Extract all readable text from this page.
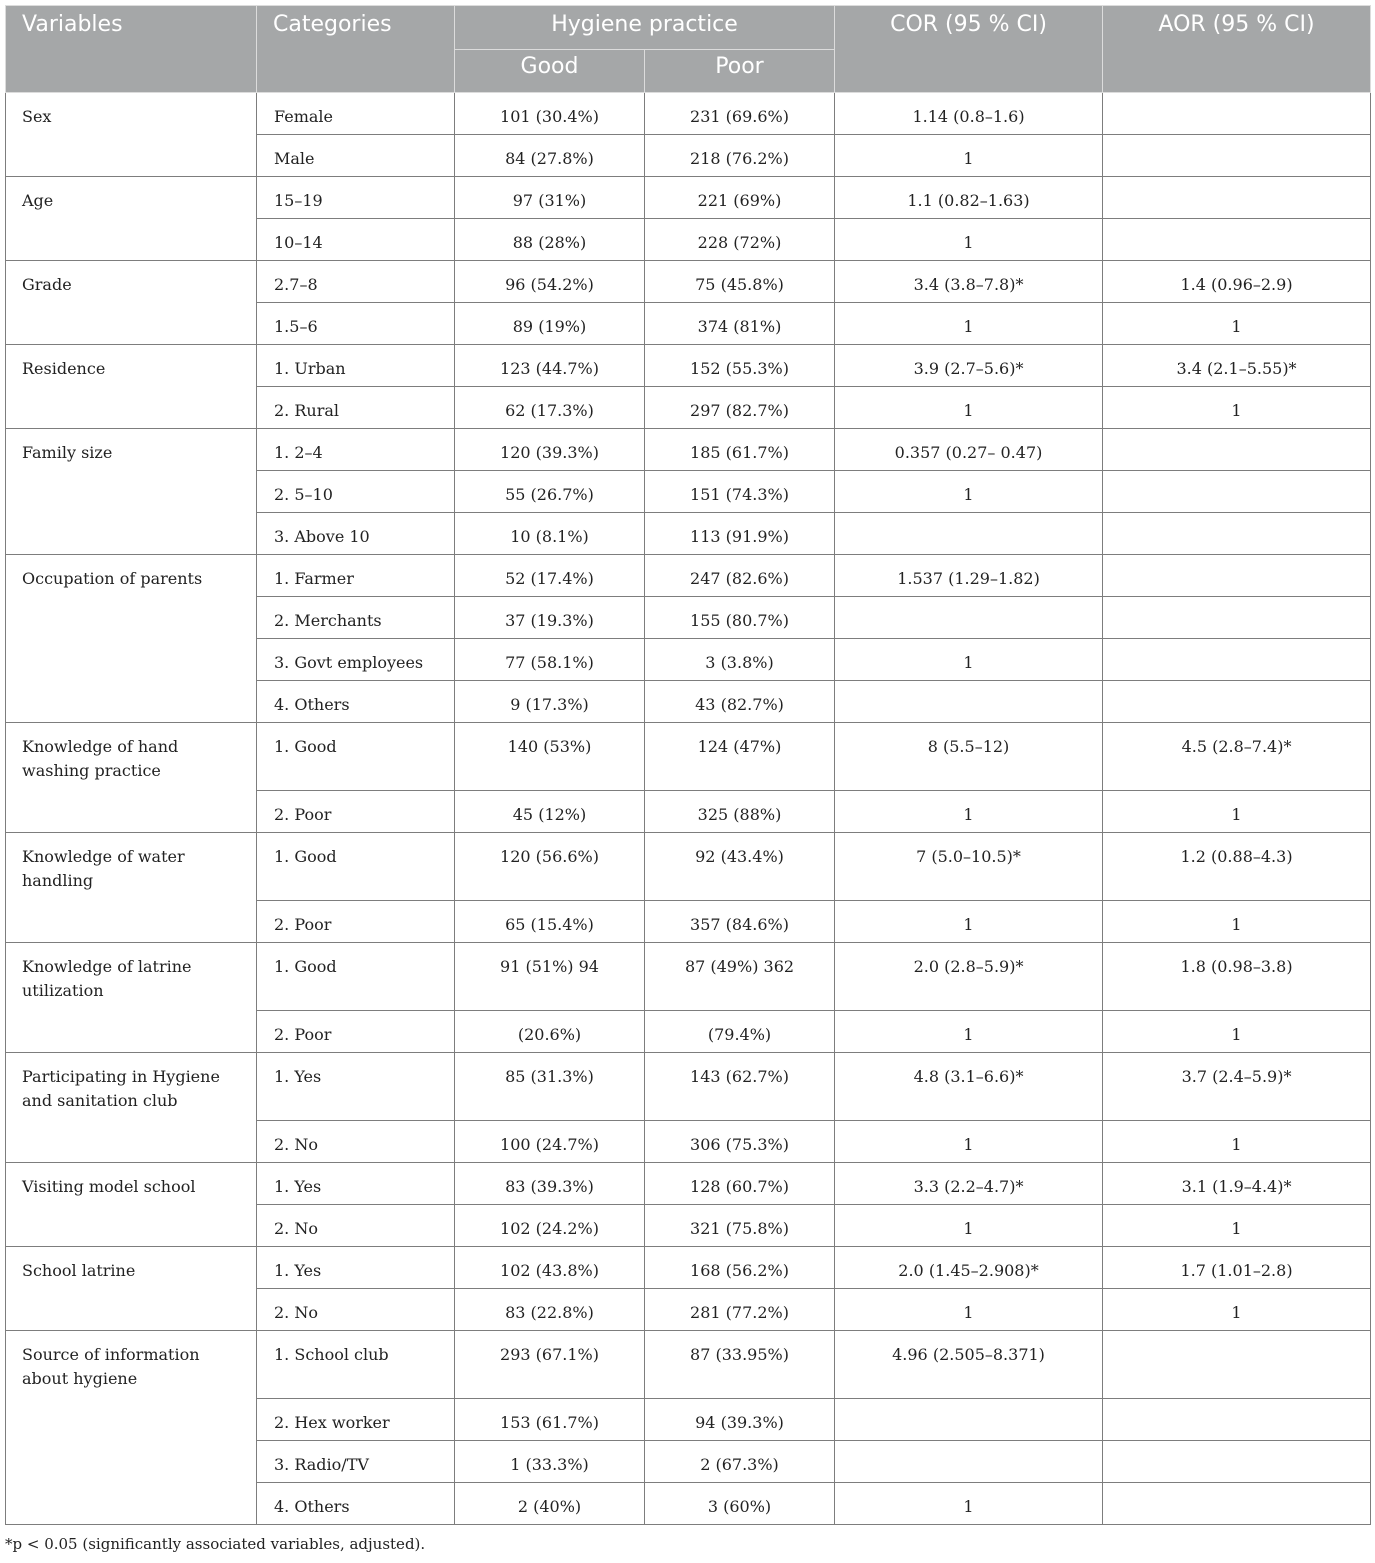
Variables	Categories	Hygiene practice		COR (95 % CI)	AOR (95 % CI)
		Good	Poor		
Sex	Female	101 (30.4%)	231 (69.6%)	1.14 (0.8–1.6)	
	Male	84 (27.8%)	218 (76.2%)	1	
Age	15–19	97 (31%)	221 (69%)	1.1 (0.82–1.63)	
	10–14	88 (28%)	228 (72%)	1	
Grade	2.7–8	96 (54.2%)	75 (45.8%)	3.4 (3.8–7.8)*	1.4 (0.96–2.9)
	1.5–6	89 (19%)	374 (81%)	1	1
Residence	1. Urban	123 (44.7%)	152 (55.3%)	3.9 (2.7–5.6)*	3.4 (2.1–5.55)*
	2. Rural	62 (17.3%)	297 (82.7%)	1	1
Family size	1. 2–4	120 (39.3%)	185 (61.7%)	0.357 (0.27– 0.47)	
	2. 5–10	55 (26.7%)	151 (74.3%)	1	
	3. Above 10	10 (8.1%)	113 (91.9%)		
Occupation of parents	1. Farmer	52 (17.4%)	247 (82.6%)	1.537 (1.29–1.82)	
	2. Merchants	37 (19.3%)	155 (80.7%)		
	3. Govt employees	77 (58.1%)	3 (3.8%)	1	
	4. Others	9 (17.3%)	43 (82.7%)		
Knowledge of hand washing practice	1. Good	140 (53%)	124 (47%)	8 (5.5–12)	4.5 (2.8–7.4)*
	2. Poor	45 (12%)	325 (88%)	1	1
Knowledge of water handling	1. Good	120 (56.6%)	92 (43.4%)	7 (5.0–10.5)*	1.2 (0.88–4.3)
	2. Poor	65 (15.4%)	357 (84.6%)	1	1
Knowledge of latrine utilization	1. Good	91 (51%) 94	87 (49%) 362	2.0 (2.8–5.9)*	1.8 (0.98–3.8)
	2. Poor	(20.6%)	(79.4%)	1	1
Participating in Hygiene and sanitation club	1. Yes	85 (31.3%)	143 (62.7%)	4.8 (3.1–6.6)*	3.7 (2.4–5.9)*
	2. No	100 (24.7%)	306 (75.3%)	1	1
Visiting model school	1. Yes	83 (39.3%)	128 (60.7%)	3.3 (2.2–4.7)*	3.1 (1.9–4.4)*
	2. No	102 (24.2%)	321 (75.8%)	1	1
School latrine	1. Yes	102 (43.8%)	168 (56.2%)	2.0 (1.45–2.908)*	1.7 (1.01–2.8)
	2. No	83 (22.8%)	281 (77.2%)	1	1
Source of information about hygiene	1. School club	293 (67.1%)	87 (33.95%)	4.96 (2.505–8.371)	
	2. Hex worker	153 (61.7%)	94 (39.3%)		
	3. Radio/TV	1 (33.3%)	2 (67.3%)		
	4. Others	2 (40%)	3 (60%)	1	
*p < 0.05 (significantly associated variables, adjusted).
